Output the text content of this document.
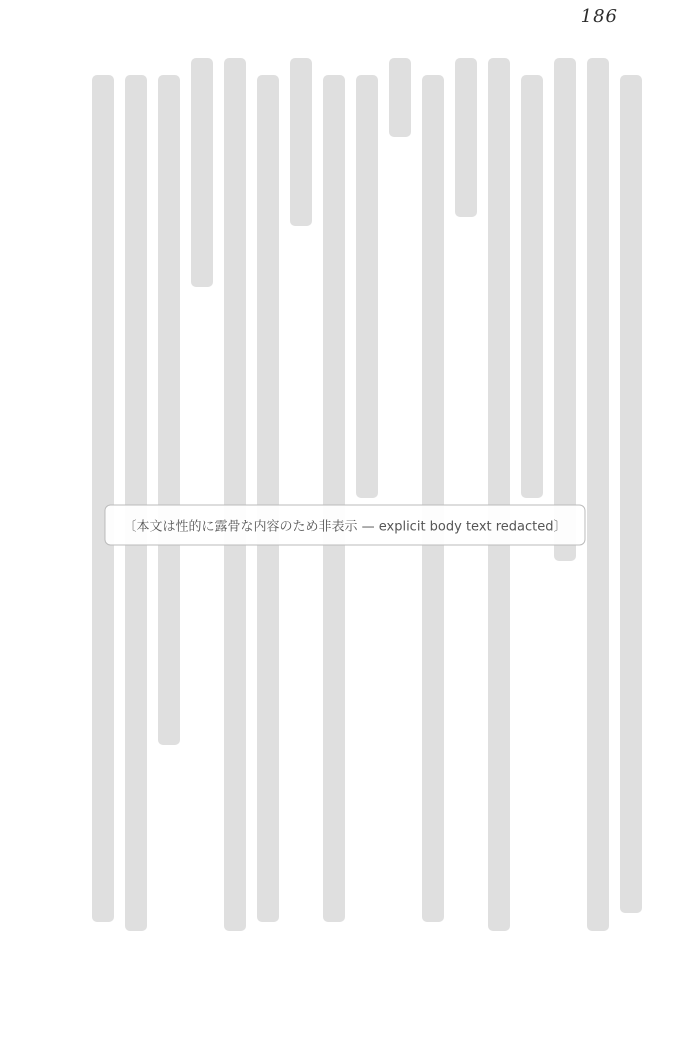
186
〔本文は性的に露骨な内容のため非表示 — explicit body text redacted〕
